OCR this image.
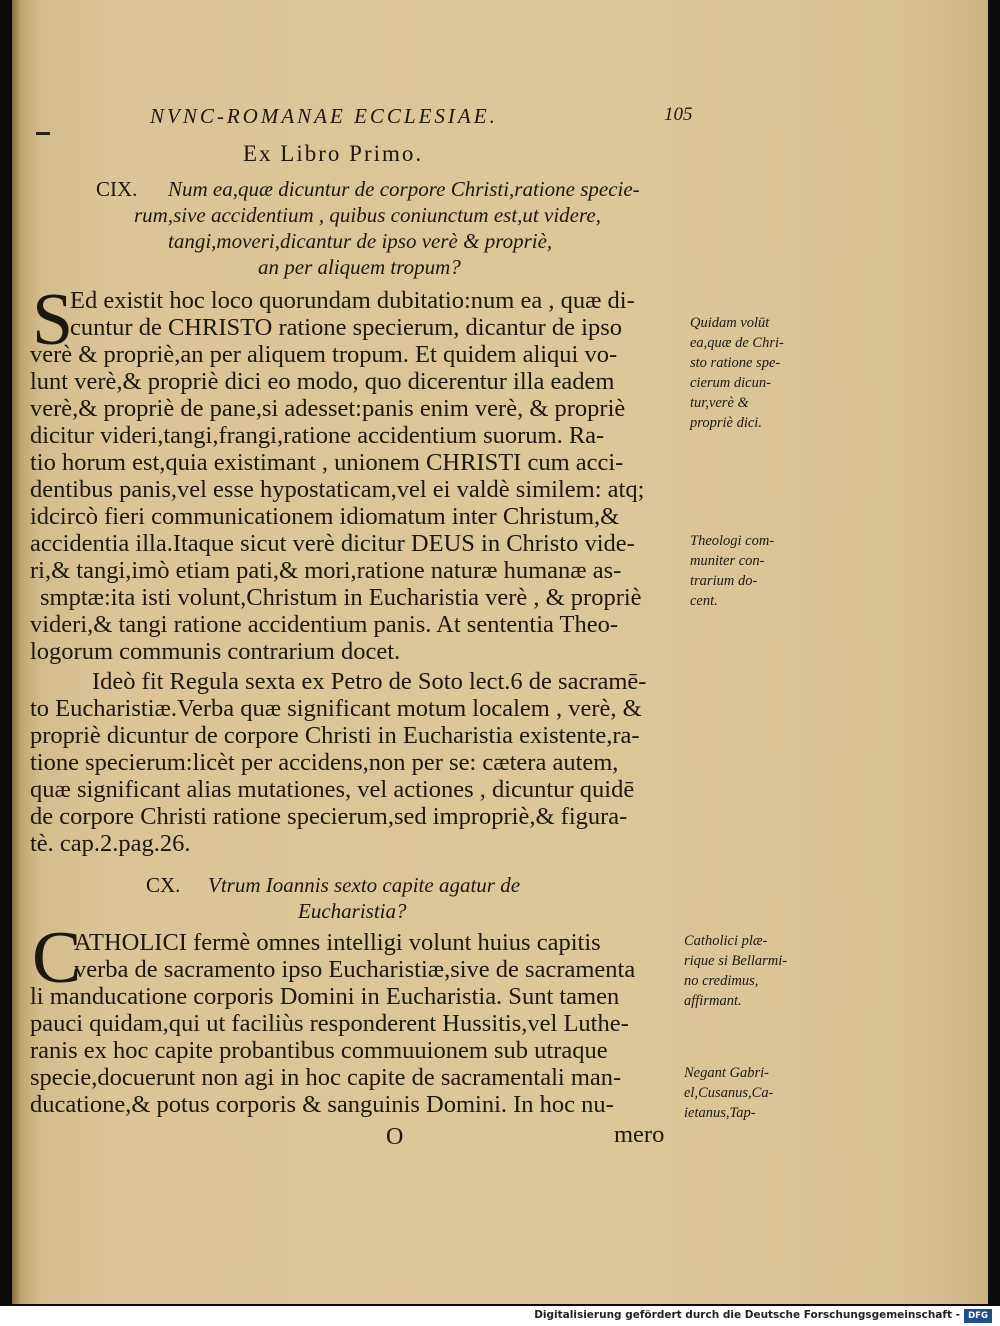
NVNC-ROMANAE ECCLESIAE.	105
Ex Libro Primo.
CIX. Num ea,quæ dicuntur de corpore Christi,ratione specie-
rum,sive accidentium , quibus coniunctum est,ut videre,
tangi,moveri,dicantur de ipso verè & propriè,
an per aliquem tropum?
S
Ed existit hoc loco quorundam dubitatio:num ea , quæ di-
cuntur de CHRISTO ratione specierum, dicantur de ipso
verè & propriè,an per aliquem tropum. Et quidem aliqui vo-
lunt verè,& propriè dici eo modo, quo dicerentur illa eadem
verè,& propriè de pane,si adesset:panis enim verè, & propriè
dicitur videri,tangi,frangi,ratione accidentium suorum. Ra-
tio horum est,quia existimant , unionem CHRISTI cum acci-
dentibus panis,vel esse hypostaticam,vel ei valdè similem: atq;
idcircò fieri communicationem idiomatum inter Christum,&
accidentia illa.Itaque sicut verè dicitur DEUS in Christo vide-
ri,& tangi,imò etiam pati,& mori,ratione naturæ humanæ as-
smptæ:ita isti volunt,Christum in Eucharistia verè , & propriè
videri,& tangi ratione accidentium panis. At sententia Theo-
logorum communis contrarium docet.
Ideò fit Regula sexta ex Petro de Soto lect.6 de sacramē-
to Eucharistiæ.Verba quæ significant motum localem , verè, &
propriè dicuntur de corpore Christi in Eucharistia existente,ra-
tione specierum:licèt per accidens,non per se: cætera autem,
quæ significant alias mutationes, vel actiones , dicuntur quidē
de corpore Christi ratione specierum,sed impropriè,& figura-
tè. cap.2.pag.26.
CX. Vtrum Ioannis sexto capite agatur de
Eucharistia?
C
ATHOLICI fermè omnes intelligi volunt huius capitis
verba de sacramento ipso Eucharistiæ,sive de sacramenta
li manducatione corporis Domini in Eucharistia. Sunt tamen
pauci quidam,qui ut faciliùs responderent Hussitis,vel Luthe-
ranis ex hoc capite probantibus commuuionem sub utraque
specie,docuerunt non agi in hoc capite de sacramentali man-
ducatione,& potus corporis & sanguinis Domini. In hoc nu-
O	mero
Quidam volūt
ea,quæ de Chri-
sto ratione spe-
cierum dicun-
tur,verè &
propriè dici.
Theologi com-
muniter con-
trarium do-
cent.
Catholici plæ-
rique si Bellarmi-
no credimus,
affirmant.
Negant Gabri-
el,Cusanus,Ca-
ietanus,Tap-
Digitalisierung gefördert durch die Deutsche Forschungsgemeinschaft - DFG
